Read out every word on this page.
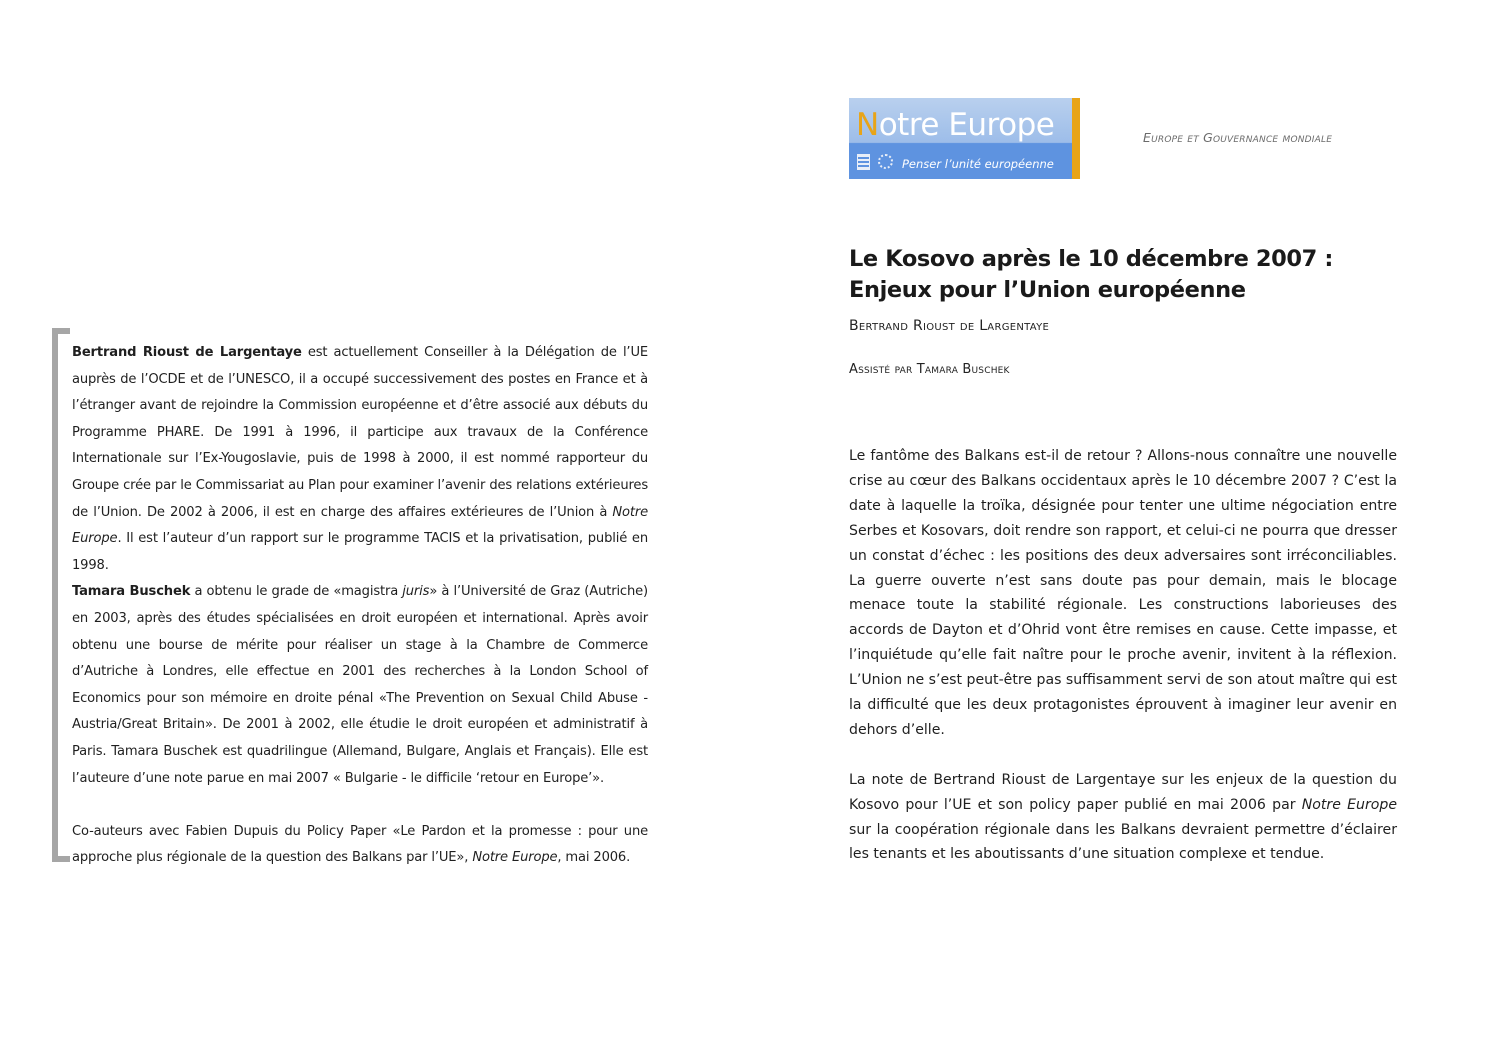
Bertrand Rioust de Largentaye est actuellement Conseiller à la Délégation de l’UE auprès de l’OCDE et de l’UNESCO, il a occupé successivement des postes en France et à l’étranger avant de rejoindre la Commission européenne et d’être associé aux débuts du Programme PHARE. De 1991 à 1996, il participe aux travaux de la Conférence Internationale sur l’Ex-Yougoslavie, puis de 1998 à 2000, il est nommé rapporteur du Groupe crée par le Commissariat au Plan pour examiner l’avenir des relations extérieures de l’Union. De 2002 à 2006, il est en charge des affaires extérieures de l’Union à Notre Europe. Il est l’auteur d’un rapport sur le programme TACIS et la privatisation, publié en 1998.

Tamara Buschek a obtenu le grade de «magistra juris» à l’Université de Graz (Autriche) en 2003, après des études spécialisées en droit européen et international. Après avoir obtenu une bourse de mérite pour réaliser un stage à la Chambre de Commerce d’Autriche à Londres, elle effectue en 2001 des recherches à la London School of Economics pour son mémoire en droite pénal «The Prevention on Sexual Child Abuse - Austria/Great Britain». De 2001 à 2002, elle étudie le droit européen et administratif à Paris. Tamara Buschek est quadrilingue (Allemand, Bulgare, Anglais et Français). Elle est l’auteure d’une note parue en mai 2007 « Bulgarie - le difficile ‘retour en Europe’».

Co-auteurs avec Fabien Dupuis du Policy Paper «Le Pardon et la promesse : pour une approche plus régionale de la question des Balkans par l’UE», Notre Europe, mai 2006.

Notre Europe
Penser l’unité européenne
Europe et Gouvernance mondiale
Le Kosovo après le 10 décembre 2007 : Enjeux pour l’Union européenne
Bertrand Rioust de Largentaye
Assisté par Tamara Buschek

Le fantôme des Balkans est-il de retour ? Allons-nous connaître une nouvelle crise au cœur des Balkans occidentaux après le 10 décembre 2007 ? C’est la date à laquelle la troïka, désignée pour tenter une ultime négociation entre Serbes et Kosovars, doit rendre son rapport, et celui-ci ne pourra que dresser un constat d’échec : les positions des deux adversaires sont irréconciliables. La guerre ouverte n’est sans doute pas pour demain, mais le blocage menace toute la stabilité régionale. Les constructions laborieuses des accords de Dayton et d’Ohrid vont être remises en cause. Cette impasse, et l’inquiétude qu’elle fait naître pour le proche avenir, invitent à la réflexion. L’Union ne s’est peut-être pas suffisamment servi de son atout maître qui est la difficulté que les deux protagonistes éprouvent à imaginer leur avenir en dehors d’elle.

La note de Bertrand Rioust de Largentaye sur les enjeux de la question du Kosovo pour l’UE et son policy paper publié en mai 2006 par Notre Europe sur la coopération régionale dans les Balkans devraient permettre d’éclairer les tenants et les aboutissants d’une situation complexe et tendue.
